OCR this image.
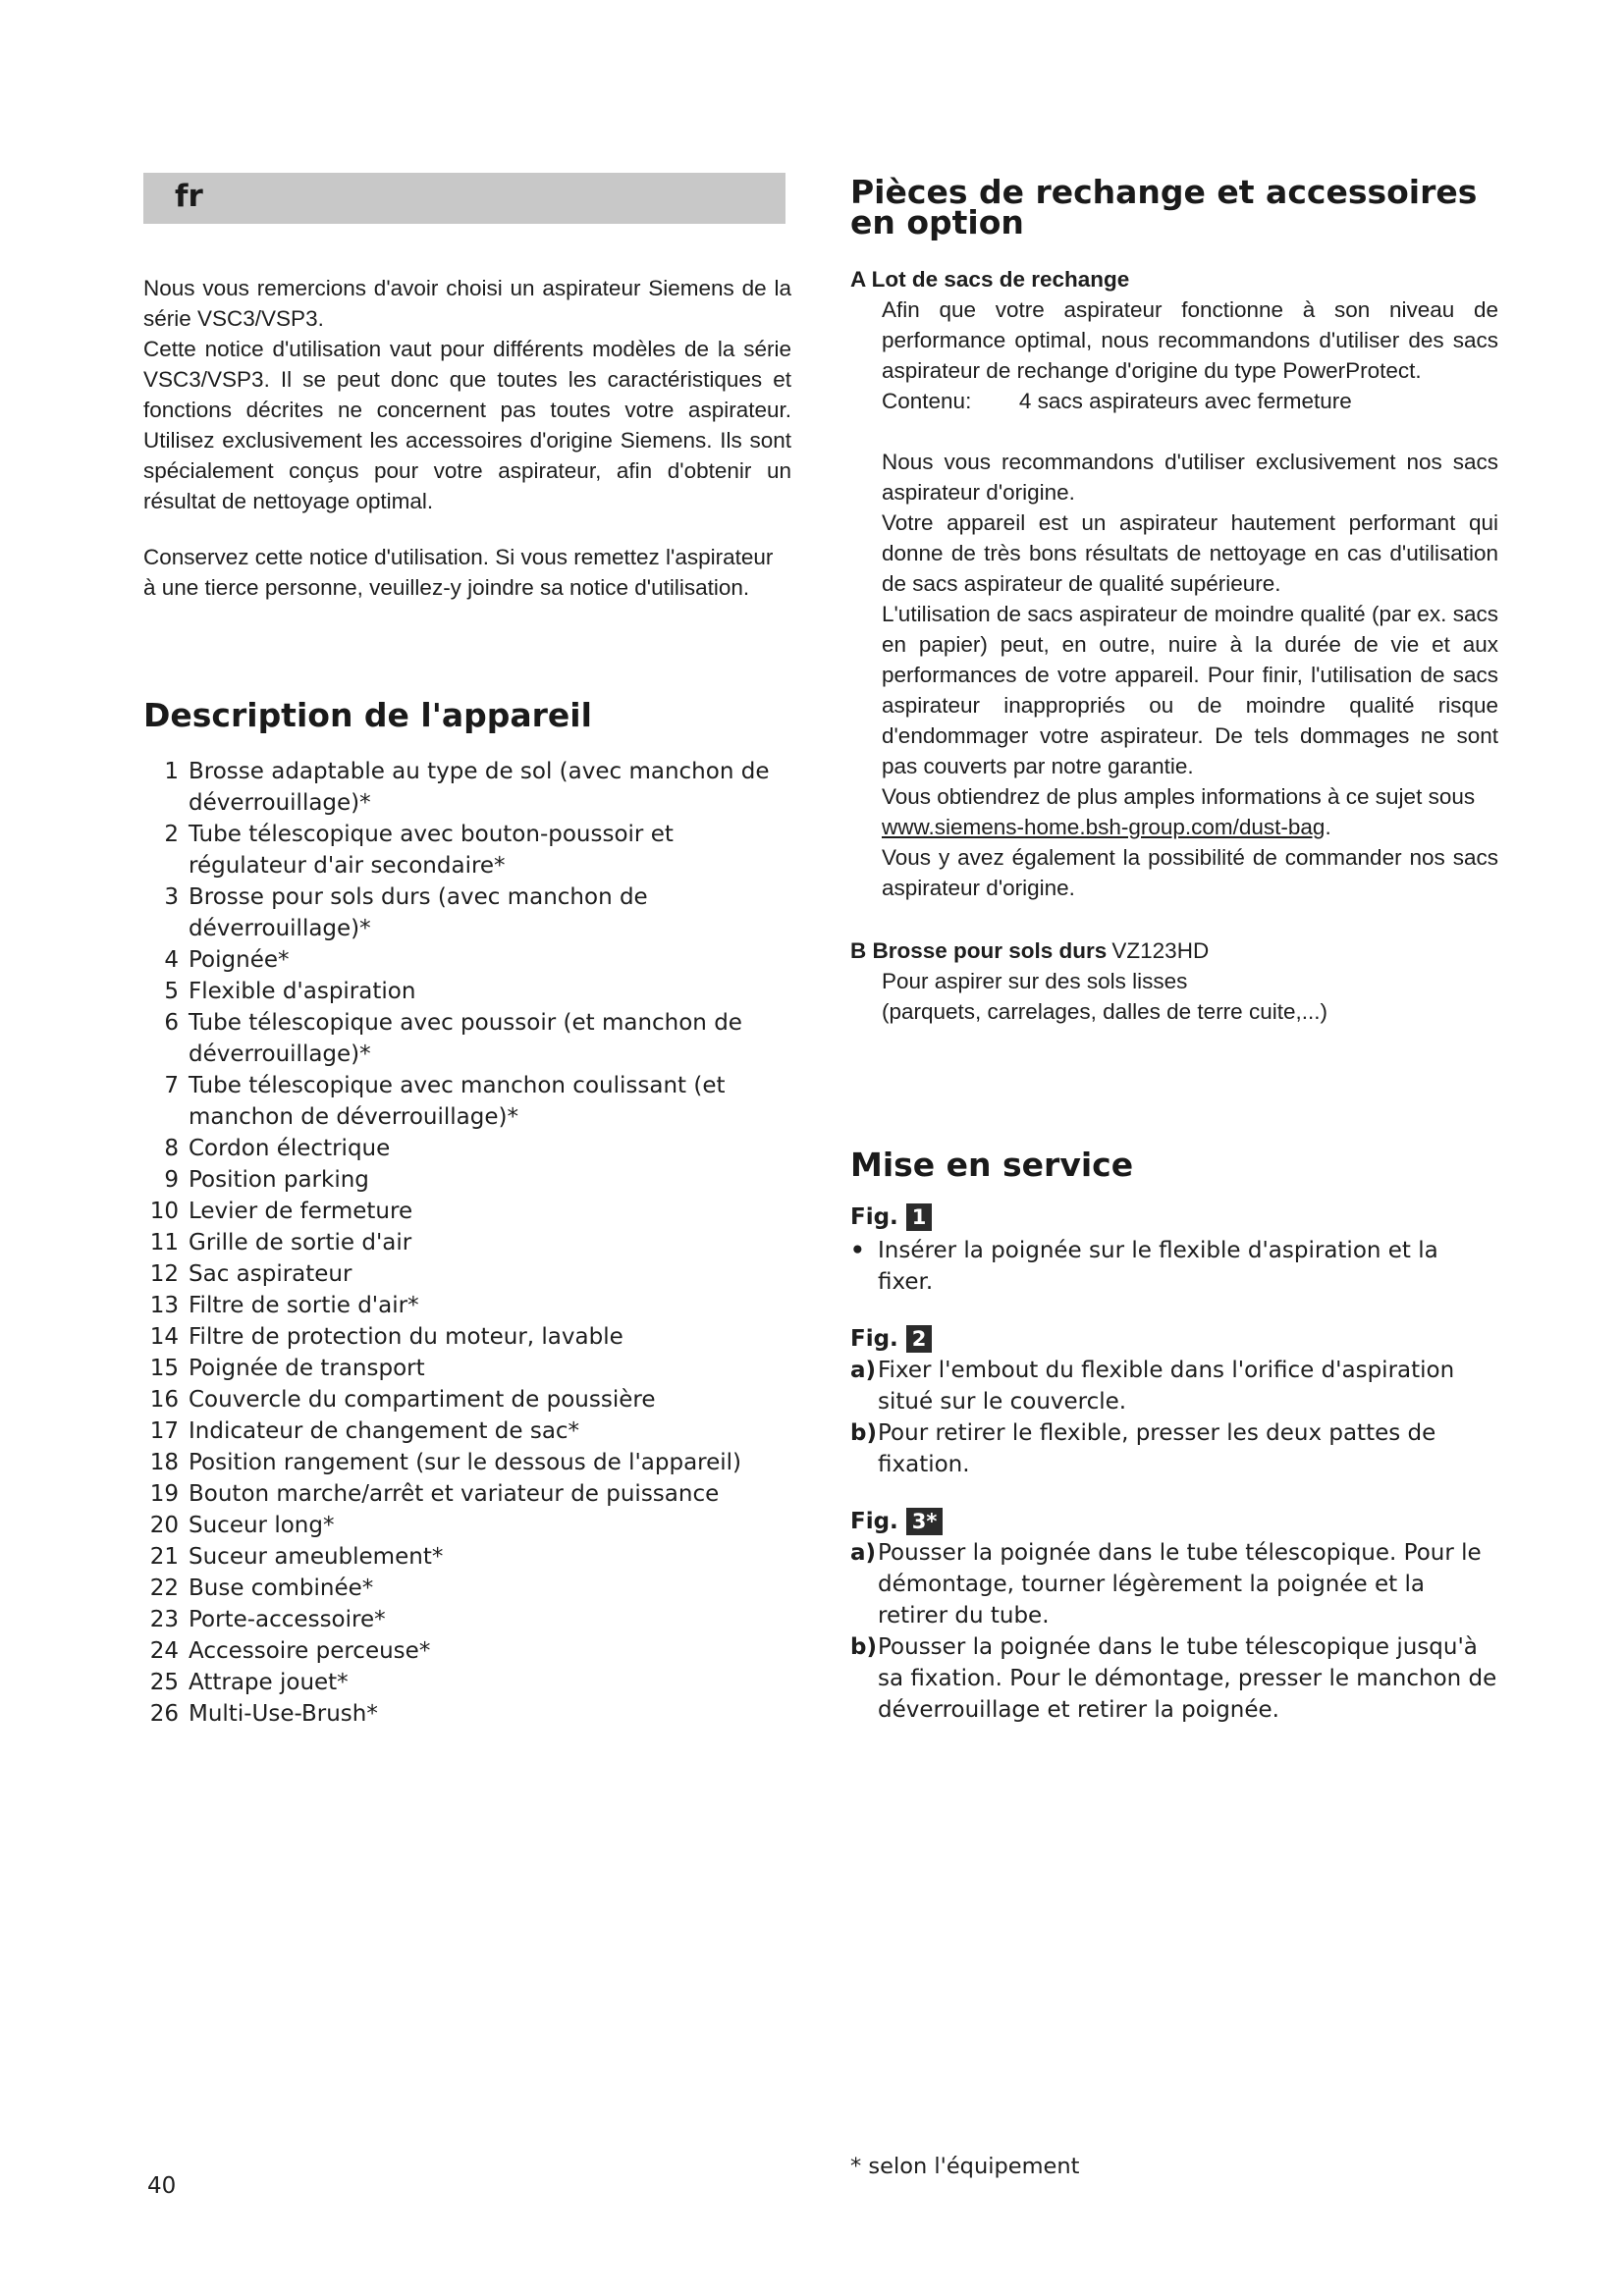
fr

Nous vous remercions d'avoir choisi un aspirateur Siemens de la série VSC3/VSP3.

Cette notice d'utilisation vaut pour différents modèles de la série VSC3/VSP3. Il se peut donc que toutes les caractéristiques et fonctions décrites ne concernent pas toutes votre aspirateur. Utilisez exclusivement les accessoires d'origine Siemens. Ils sont spécialement conçus pour votre aspirateur, afin d'obtenir un résultat de nettoyage optimal.

Conservez cette notice d'utilisation. Si vous remettez l'aspirateur à une tierce personne, veuillez-y joindre sa notice d'utilisation.

Description de l'appareil
1 Brosse adaptable au type de sol (avec manchon de déverrouillage)*
2 Tube télescopique avec bouton-poussoir et régulateur d'air secondaire*
3 Brosse pour sols durs (avec manchon de déverrouillage)*
4 Poignée*
5 Flexible d'aspiration
6 Tube télescopique avec poussoir (et manchon de déverrouillage)*
7 Tube télescopique avec manchon coulissant (et manchon de déverrouillage)*
8 Cordon électrique
9 Position parking
10 Levier de fermeture
11 Grille de sortie d'air
12 Sac aspirateur
13 Filtre de sortie d'air*
14 Filtre de protection du moteur, lavable
15 Poignée de transport
16 Couvercle du compartiment de poussière
17 Indicateur de changement de sac*
18 Position rangement (sur le dessous de l'appareil)
19 Bouton marche/arrêt et variateur de puissance
20 Suceur long*
21 Suceur ameublement*
22 Buse combinée*
23 Porte-accessoire*
24 Accessoire perceuse*
25 Attrape jouet*
26 Multi-Use-Brush*
Pièces de rechange et accessoires en option
A Lot de sacs de rechange

Afin que votre aspirateur fonctionne à son niveau de performance optimal, nous recommandons d'utiliser des sacs aspirateur de rechange d'origine du type PowerProtect.

Contenu: 4 sacs aspirateurs avec fermeture

Nous vous recommandons d'utiliser exclusivement nos sacs aspirateur d'origine.

Votre appareil est un aspirateur hautement performant qui donne de très bons résultats de nettoyage en cas d'utilisation de sacs aspirateur de qualité supérieure.

L'utilisation de sacs aspirateur de moindre qualité (par ex. sacs en papier) peut, en outre, nuire à la durée de vie et aux performances de votre appareil. Pour finir, l'utilisation de sacs aspirateur inappropriés ou de moindre qualité risque d'endommager votre aspirateur. De tels dommages ne sont pas couverts par notre garantie.

Vous obtiendrez de plus amples informations à ce sujet sous

www.siemens-home.bsh-group.com/dust-bag.

Vous y avez également la possibilité de commander nos sacs aspirateur d'origine.

B Brosse pour sols durs VZ123HD

Pour aspirer sur des sols lisses

(parquets, carrelages, dalles de terre cuite,...)

Mise en service
Fig. 1
• Insérer la poignée sur le flexible d'aspiration et la fixer.
Fig. 2
a) Fixer l'embout du flexible dans l'orifice d'aspiration situé sur le couvercle.
b) Pour retirer le flexible, presser les deux pattes de fixation.
Fig. 3*
a) Pousser la poignée dans le tube télescopique. Pour le démontage, tourner légèrement la poignée et la retirer du tube.
b) Pousser la poignée dans le tube télescopique jusqu'à sa fixation. Pour le démontage, presser le manchon de déverrouillage et retirer la poignée.
* selon l'équipement
40
